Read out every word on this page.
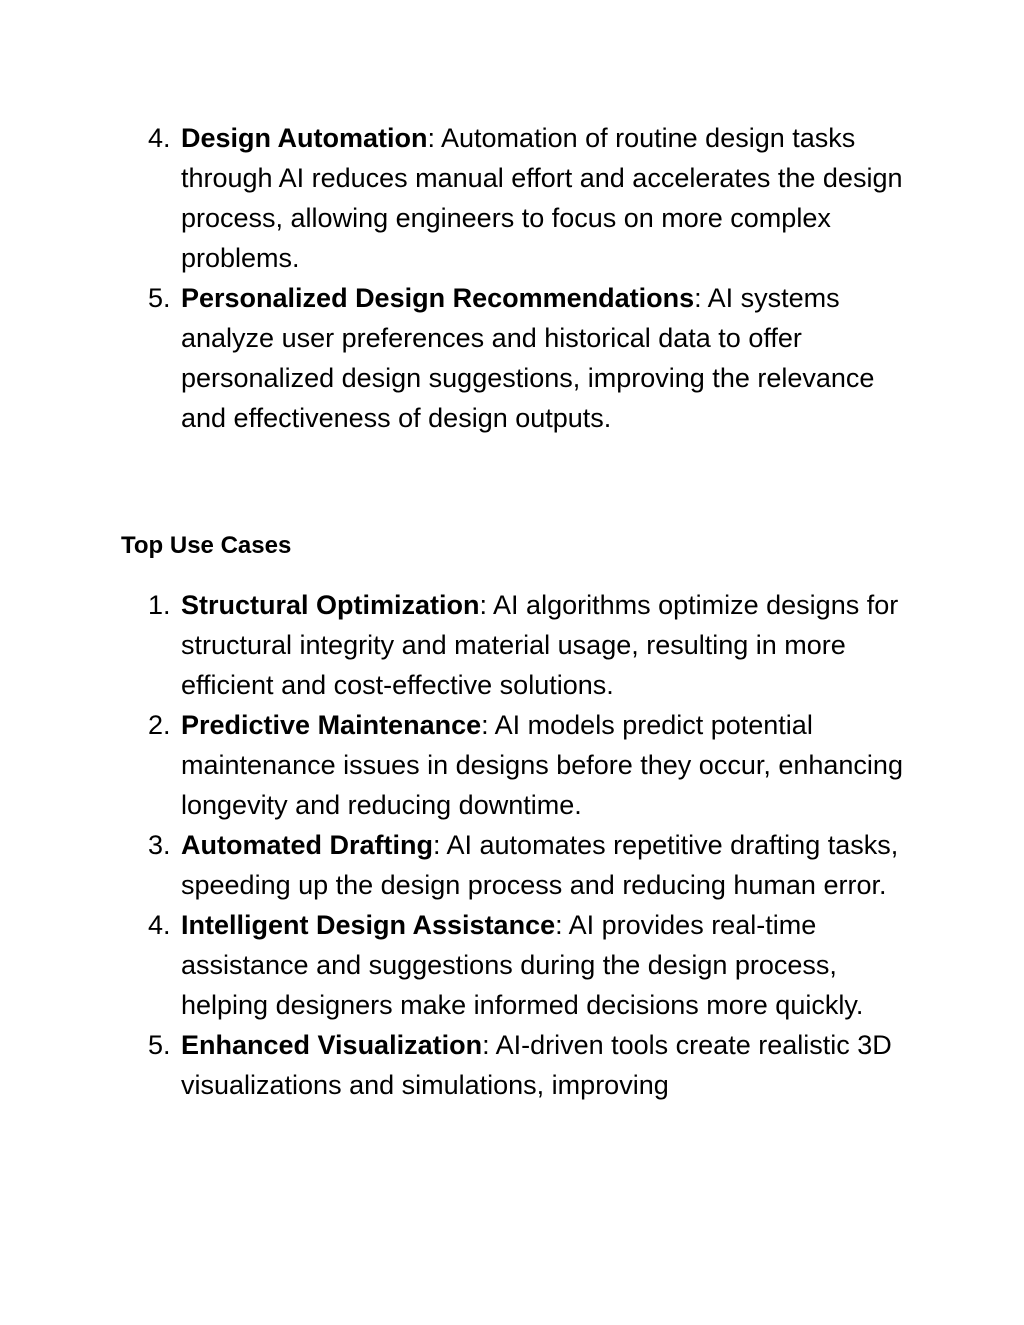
4. Design Automation: Automation of routine design tasks through AI reduces manual effort and accelerates the design process, allowing engineers to focus on more complex problems.
5. Personalized Design Recommendations: AI systems analyze user preferences and historical data to offer personalized design suggestions, improving the relevance and effectiveness of design outputs.
Top Use Cases
1. Structural Optimization: AI algorithms optimize designs for structural integrity and material usage, resulting in more efficient and cost-effective solutions.
2. Predictive Maintenance: AI models predict potential maintenance issues in designs before they occur, enhancing longevity and reducing downtime.
3. Automated Drafting: AI automates repetitive drafting tasks, speeding up the design process and reducing human error.
4. Intelligent Design Assistance: AI provides real-time assistance and suggestions during the design process, helping designers make informed decisions more quickly.
5. Enhanced Visualization: AI-driven tools create realistic 3D visualizations and simulations, improving
